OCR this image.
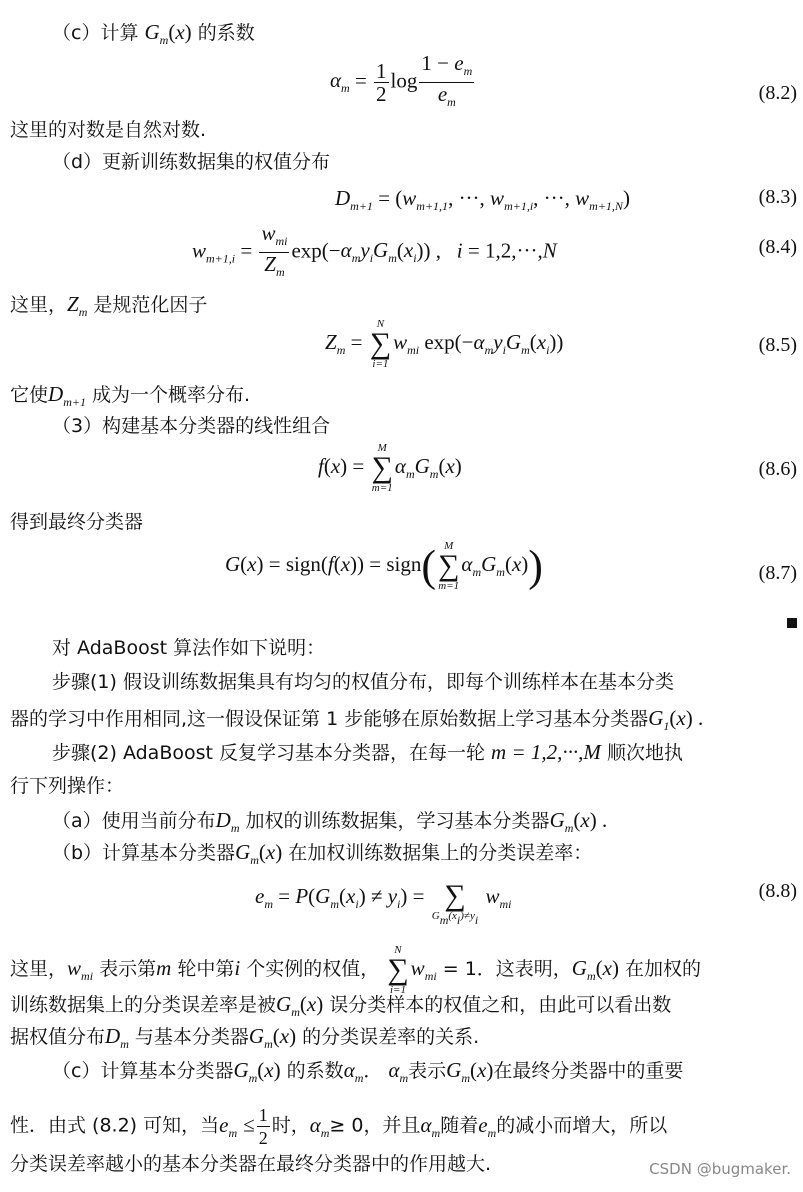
（c）计算 $G_m(x)$ 的系数
$\alpha_m = \frac{1}{2}$ $\log \frac{1 - e_m}{e_m}$	(8.2)
这里的对数是自然对数.
（d）更新训练数据集的权值分布
$D_{m+1} = (w_{m+1,1}$, ···, $w_{m+1,i}$, ···, $w_{m+1,N}$)	(8.3)
$w_{m+1,i} = \frac{w_{mi}}{Z_m} \exp(-\alpha_my_iG_m(x_i))$ ,   i = 1,2,···,N	(8.4)
这里，$Z_m$ 是规范化因子
$Z_m$ =
N
∑
i=1
$w_{mi}$ $\exp(-\alpha_my_iG_m(x_i))$	(8.5)
它使$D_{m+1}$ 成为一个概率分布.
（3）构建基本分类器的线性组合
f(x) =
M
∑
m=1
$\alpha_mG_m(x)$	(8.6)
得到最终分类器
G(x) = sign(f(x)) = sign( M
∑
m=1
$\alpha_mG_m(x)$)	(8.7)
对 AdaBoost 算法作如下说明：
步骤(1) 假设训练数据集具有均匀的权值分布，即每个训练样本在基本分类
器的学习中作用相同,这一假设保证第 1 步能够在原始数据上学习基本分类器$G_1(x)$ .
步骤(2) AdaBoost 反复学习基本分类器，在每一轮 m = 1,2,···,M 顺次地执
行下列操作：
（a）使用当前分布$D_m$ 加权的训练数据集，学习基本分类器$G_m(x)$ .
（b）计算基本分类器$G_m(x)$ 在加权训练数据集上的分类误差率：
$e_m = P(G_m(x_i) \ne y_i)$ =
∑
$G_m(x_i)\ne y_i$
$w_{mi}$
(8.8)
这里，$w_{mi}$ 表示第m 轮中第i 个实例的权值，
N
∑
i=1
$w_{mi} = 1$．这表明，$G_m(x)$ 在加权的
训练数据集上的分类误差率是被$G_m(x)$ 误分类样本的权值之和，由此可以看出数
据权值分布$D_m$ 与基本分类器$G_m(x)$ 的分类误差率的关系.
（c）计算基本分类器$G_m(x)$ 的系数$\alpha_m$． $\alpha_m$表示$G_m(x)$在最终分类器中的重要
性．由式 (8.2) 可知，当$e_m \le \frac{1}{2}$ 时，$\alpha_m\ge 0$，并且$\alpha_m$随着$e_m$的减小而增大，所以
分类误差率越小的基本分类器在最终分类器中的作用越大.	CSDN @bugmaker.
